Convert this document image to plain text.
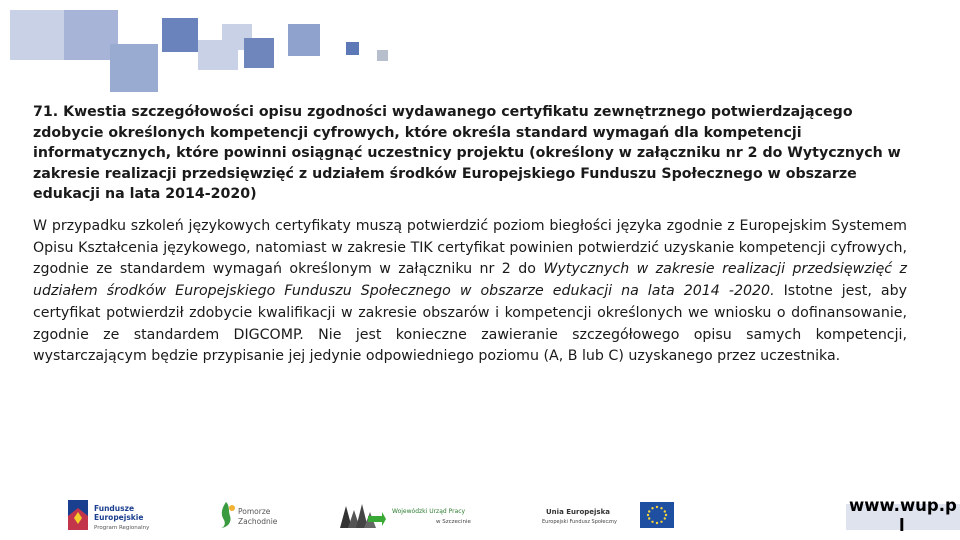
71. Kwestia szczegółowości opisu zgodności wydawanego certyfikatu zewnętrznego potwierdzającego zdobycie określonych kompetencji cyfrowych, które określa standard wymagań dla kompetencji informatycznych, które powinni osiągnąć uczestnicy projektu (określony w załączniku nr 2 do Wytycznych w zakresie realizacji przedsięwzięć z udziałem środków Europejskiego Funduszu Społecznego w obszarze edukacji na lata 2014-2020)

W przypadku szkoleń językowych certyfikaty muszą potwierdzić poziom biegłości języka zgodnie z Europejskim Systemem Opisu Kształcenia językowego, natomiast w zakresie TIK certyfikat powinien potwierdzić uzyskanie kompetencji cyfrowych, zgodnie ze standardem wymagań określonym w załączniku nr 2 do Wytycznych w zakresie realizacji przedsięwzięć z udziałem środków Europejskiego Funduszu Społecznego w obszarze edukacji na lata 2014 -2020. Istotne jest, aby certyfikat potwierdził zdobycie kwalifikacji w zakresie obszarów i kompetencji określonych we wniosku o dofinansowanie, zgodnie ze standardem DIGCOMP. Nie jest konieczne zawieranie szczegółowego opisu samych kompetencji, wystarczającym będzie przypisanie jej jedynie odpowiedniego poziomu (A, B lub C) uzyskanego przez uczestnika.

Fundusze
Europejskie
Program Regionalny
Pomorze
Zachodnie
Wojewódzki Urząd Pracy
w Szczecinie
Unia Europejska
Europejski Fundusz Społeczny
www.wup.p
l
